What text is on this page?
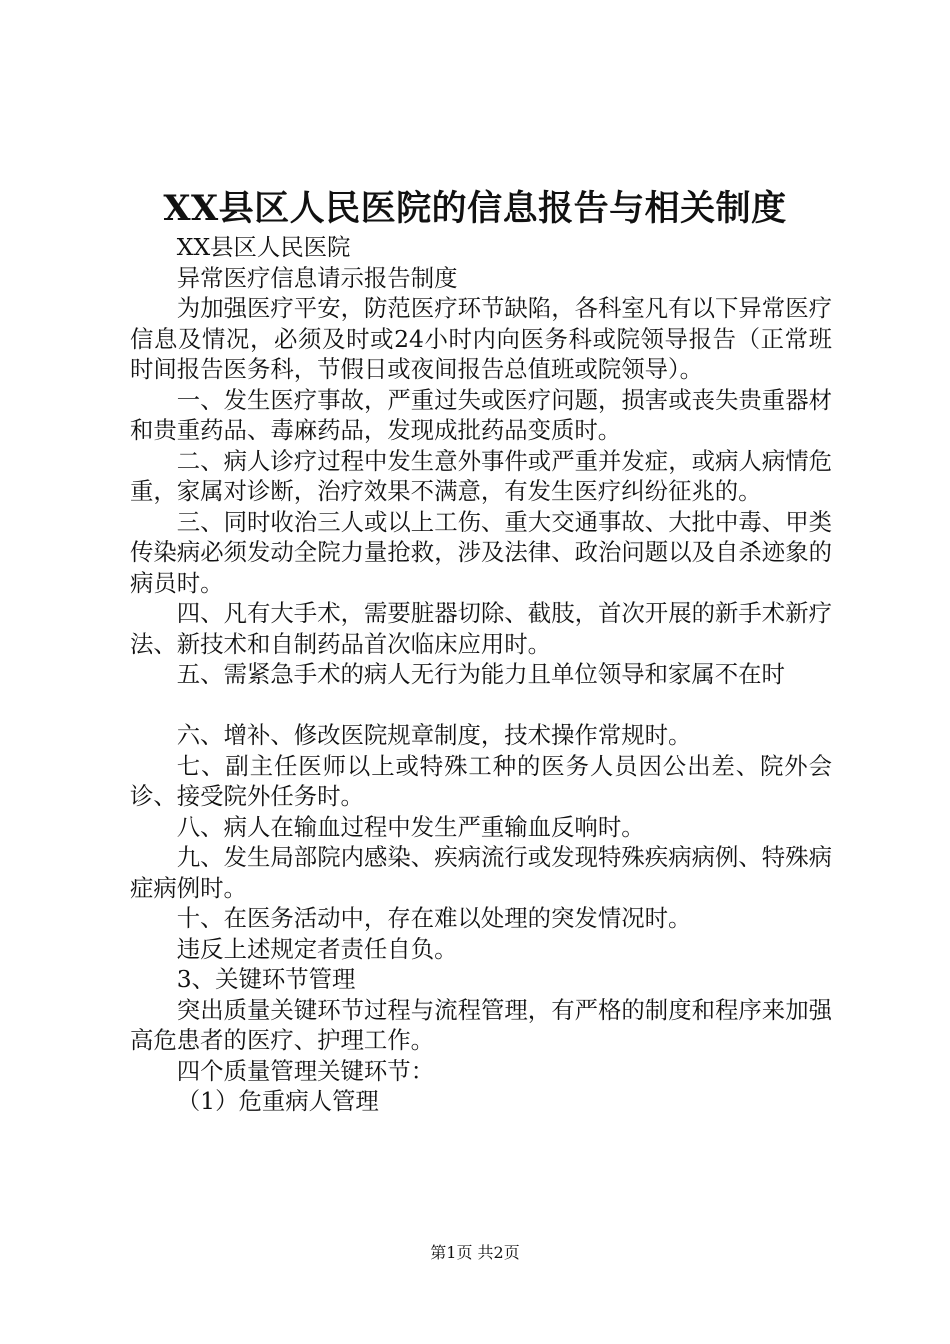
XX县区人民医院的信息报告与相关制度

XX县区人民医院

异常医疗信息请示报告制度

为加强医疗平安，防范医疗环节缺陷，各科室凡有以下异常医疗信息及情况，必须及时或24小时内向医务科或院领导报告（正常班时间报告医务科，节假日或夜间报告总值班或院领导）。

一、发生医疗事故，严重过失或医疗问题，损害或丧失贵重器材和贵重药品、毒麻药品，发现成批药品变质时。

二、病人诊疗过程中发生意外事件或严重并发症，或病人病情危重，家属对诊断，治疗效果不满意，有发生医疗纠纷征兆的。

三、同时收治三人或以上工伤、重大交通事故、大批中毒、甲类传染病必须发动全院力量抢救，涉及法律、政治问题以及自杀迹象的病员时。

四、凡有大手术，需要脏器切除、截肢，首次开展的新手术新疗法、新技术和自制药品首次临床应用时。

五、需紧急手术的病人无行为能力且单位领导和家属不在时

六、增补、修改医院规章制度，技术操作常规时。

七、副主任医师以上或特殊工种的医务人员因公出差、院外会诊、接受院外任务时。

八、病人在输血过程中发生严重输血反响时。

九、发生局部院内感染、疾病流行或发现特殊疾病病例、特殊病症病例时。

十、在医务活动中，存在难以处理的突发情况时。

违反上述规定者责任自负。

3、关键环节管理

突出质量关键环节过程与流程管理，有严格的制度和程序来加强高危患者的医疗、护理工作。

四个质量管理关键环节：

（1）危重病人管理

第1页 共2页
